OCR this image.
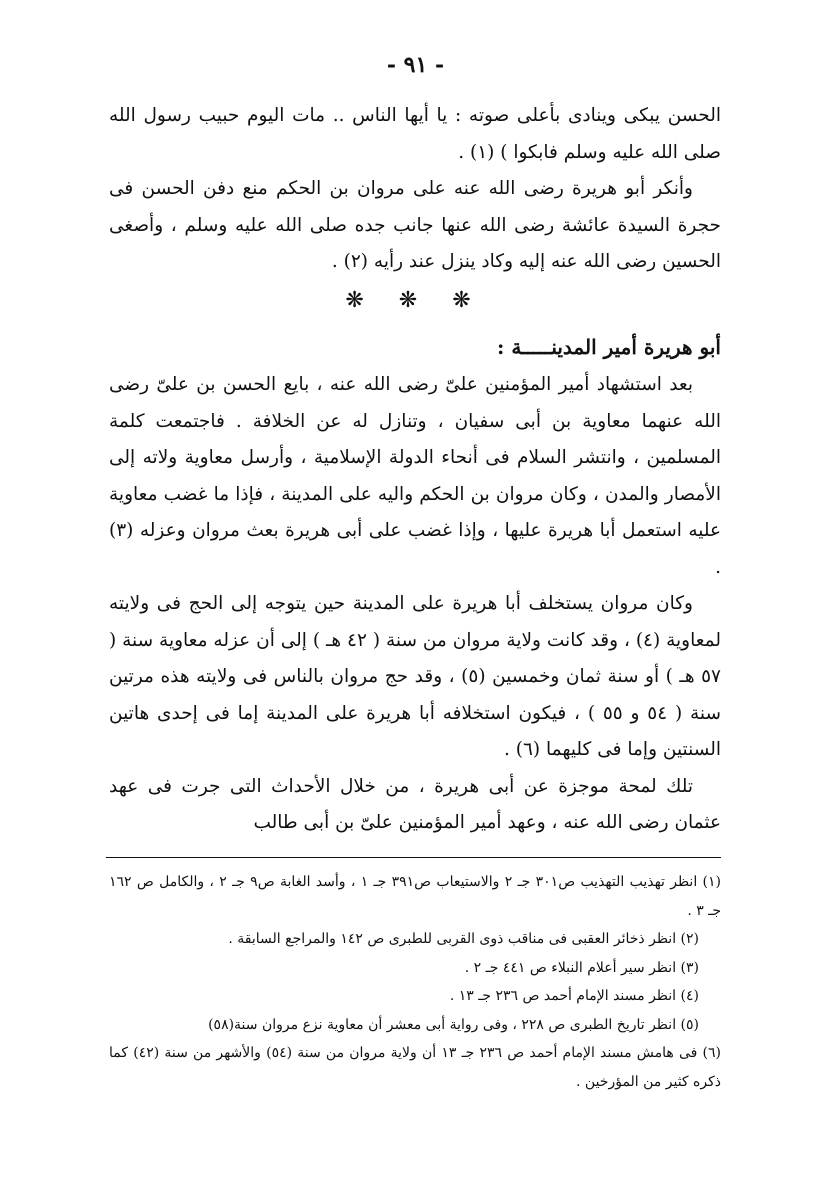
- ٩١ -

الحسن يبكى وينادى بأعلى صوته : يا أيها الناس .. مات اليوم حبيب رسول الله صلى الله عليه وسلم فابكوا ) (١) .

وأنكر أبو هريرة رضى الله عنه على مروان بن الحكم منع دفن الحسن فى حجرة السيدة عائشة رضى الله عنها جانب جده صلى الله عليه وسلم ، وأصغى الحسين رضى الله عنه إليه وكاد ينزل عند رأيه (٢) .

❋ ❋ ❋
أبو هريرة أمير المدينـــــة :

بعد استشهاد أمير المؤمنين علىّ رضى الله عنه ، بايع الحسن بن علىّ رضى الله عنهما معاوية بن أبى سفيان ، وتنازل له عن الخلافة . فاجتمعت كلمة المسلمين ، وانتشر السلام فى أنحاء الدولة الإسلامية ، وأرسل معاوية ولاته إلى الأمصار والمدن ، وكان مروان بن الحكم واليه على المدينة ، فإذا ما غضب معاوية عليه استعمل أبا هريرة عليها ، وإذا غضب على أبى هريرة بعث مروان وعزله (٣) .

وكان مروان يستخلف أبا هريرة على المدينة حين يتوجه إلى الحج فى ولايته لمعاوية (٤) ، وقد كانت ولاية مروان من سنة ( ٤٢ هـ ) إلى أن عزله معاوية سنة ( ٥٧ هـ ) أو سنة ثمان وخمسين (٥) ، وقد حج مروان بالناس فى ولايته هذه مرتين سنة ( ٥٤ و ٥٥ ) ، فيكون استخلافه أبا هريرة على المدينة إما فى إحدى هاتين السنتين وإما فى كليهما (٦) .

تلك لمحة موجزة عن أبى هريرة ، من خلال الأحداث التى جرت فى عهد عثمان رضى الله عنه ، وعهد أمير المؤمنين علىّ بن أبى طالب

(١) انظر تهذيب التهذيب ص٣٠١ جـ ٢ والاستيعاب ص٣٩١ جـ ١ ، وأسد الغابة ص٩ جـ ٢ ، والكامل ص ١٦٢ جـ ٣ .

(٢) انظر ذخائر العقبى فى مناقب ذوى القربى للطبرى ص ١٤٢ والمراجع السابقة .

(٣) انظر سير أعلام النبلاء ص ٤٤١ جـ ٢ .

(٤) انظر مسند الإمام أحمد ص ٢٣٦ جـ ١٣ .

(٥) انظر تاريخ الطبرى ص ٢٢٨ ، وفى رواية أبى معشر أن معاوية نزع مروان سنة(٥٨)

(٦) فى هامش مسند الإمام أحمد ص ٢٣٦ جـ ١٣ أن ولاية مروان من سنة (٥٤) والأشهر من سنة (٤٢) كما ذكره كثير من المؤرخين .
